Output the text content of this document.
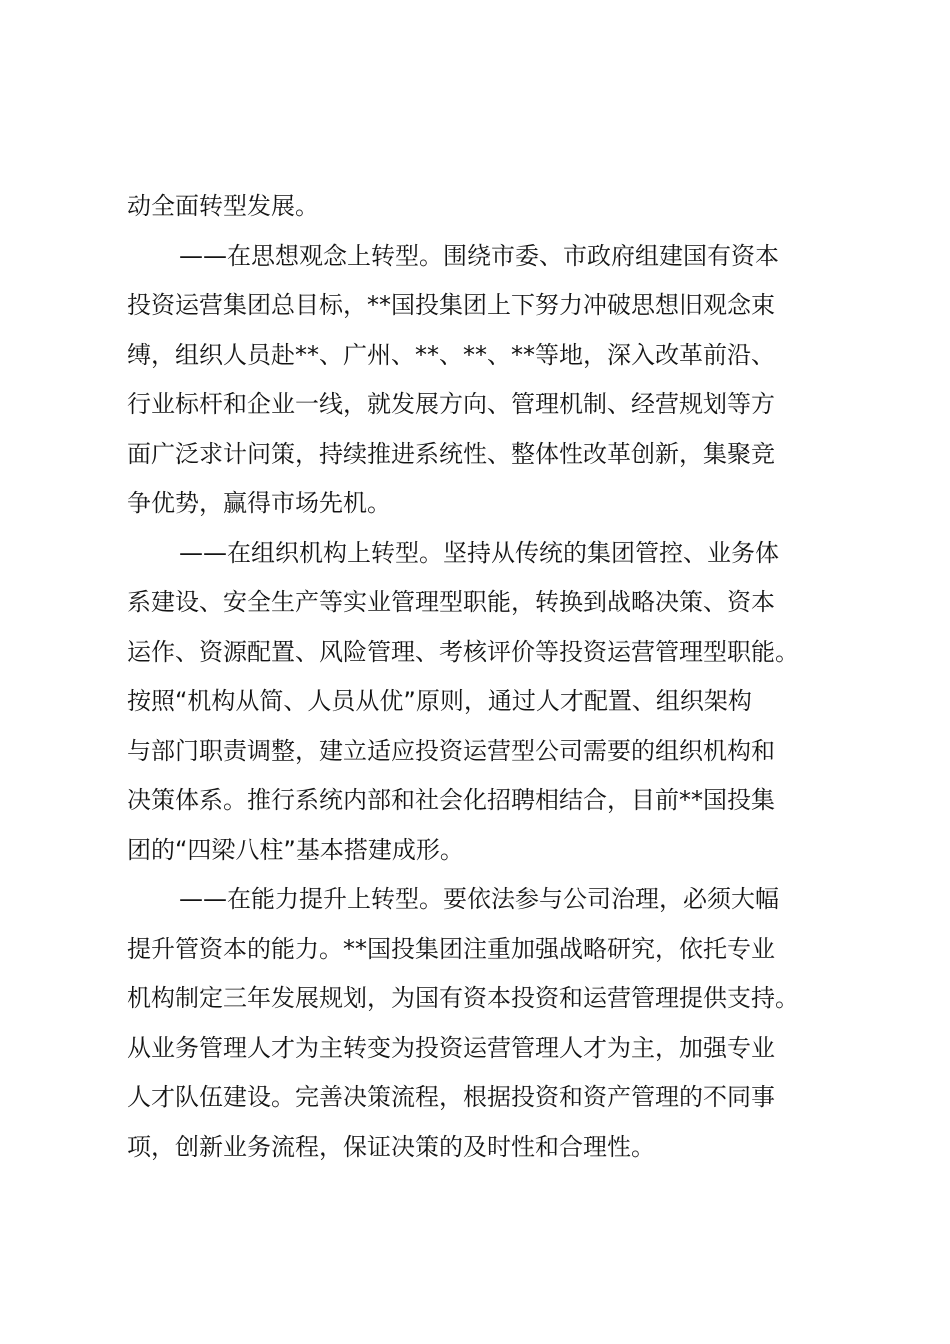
动全面转型发展。
——在思想观念上转型。围绕市委、市政府组建国有资本
投资运营集团总目标，**国投集团上下努力冲破思想旧观念束
缚，组织人员赴**、广州、**、**、**等地，深入改革前沿、
行业标杆和企业一线，就发展方向、管理机制、经营规划等方
面广泛求计问策，持续推进系统性、整体性改革创新，集聚竞
争优势，赢得市场先机。
——在组织机构上转型。坚持从传统的集团管控、业务体
系建设、安全生产等实业管理型职能，转换到战略决策、资本
运作、资源配置、风险管理、考核评价等投资运营管理型职能。
按照“机构从简、人员从优”原则，通过人才配置、组织架构
与部门职责调整，建立适应投资运营型公司需要的组织机构和
决策体系。推行系统内部和社会化招聘相结合，目前**国投集
团的“四梁八柱”基本搭建成形。
——在能力提升上转型。要依法参与公司治理，必须大幅
提升管资本的能力。**国投集团注重加强战略研究，依托专业
机构制定三年发展规划，为国有资本投资和运营管理提供支持。
从业务管理人才为主转变为投资运营管理人才为主，加强专业
人才队伍建设。完善决策流程，根据投资和资产管理的不同事
项，创新业务流程，保证决策的及时性和合理性。
